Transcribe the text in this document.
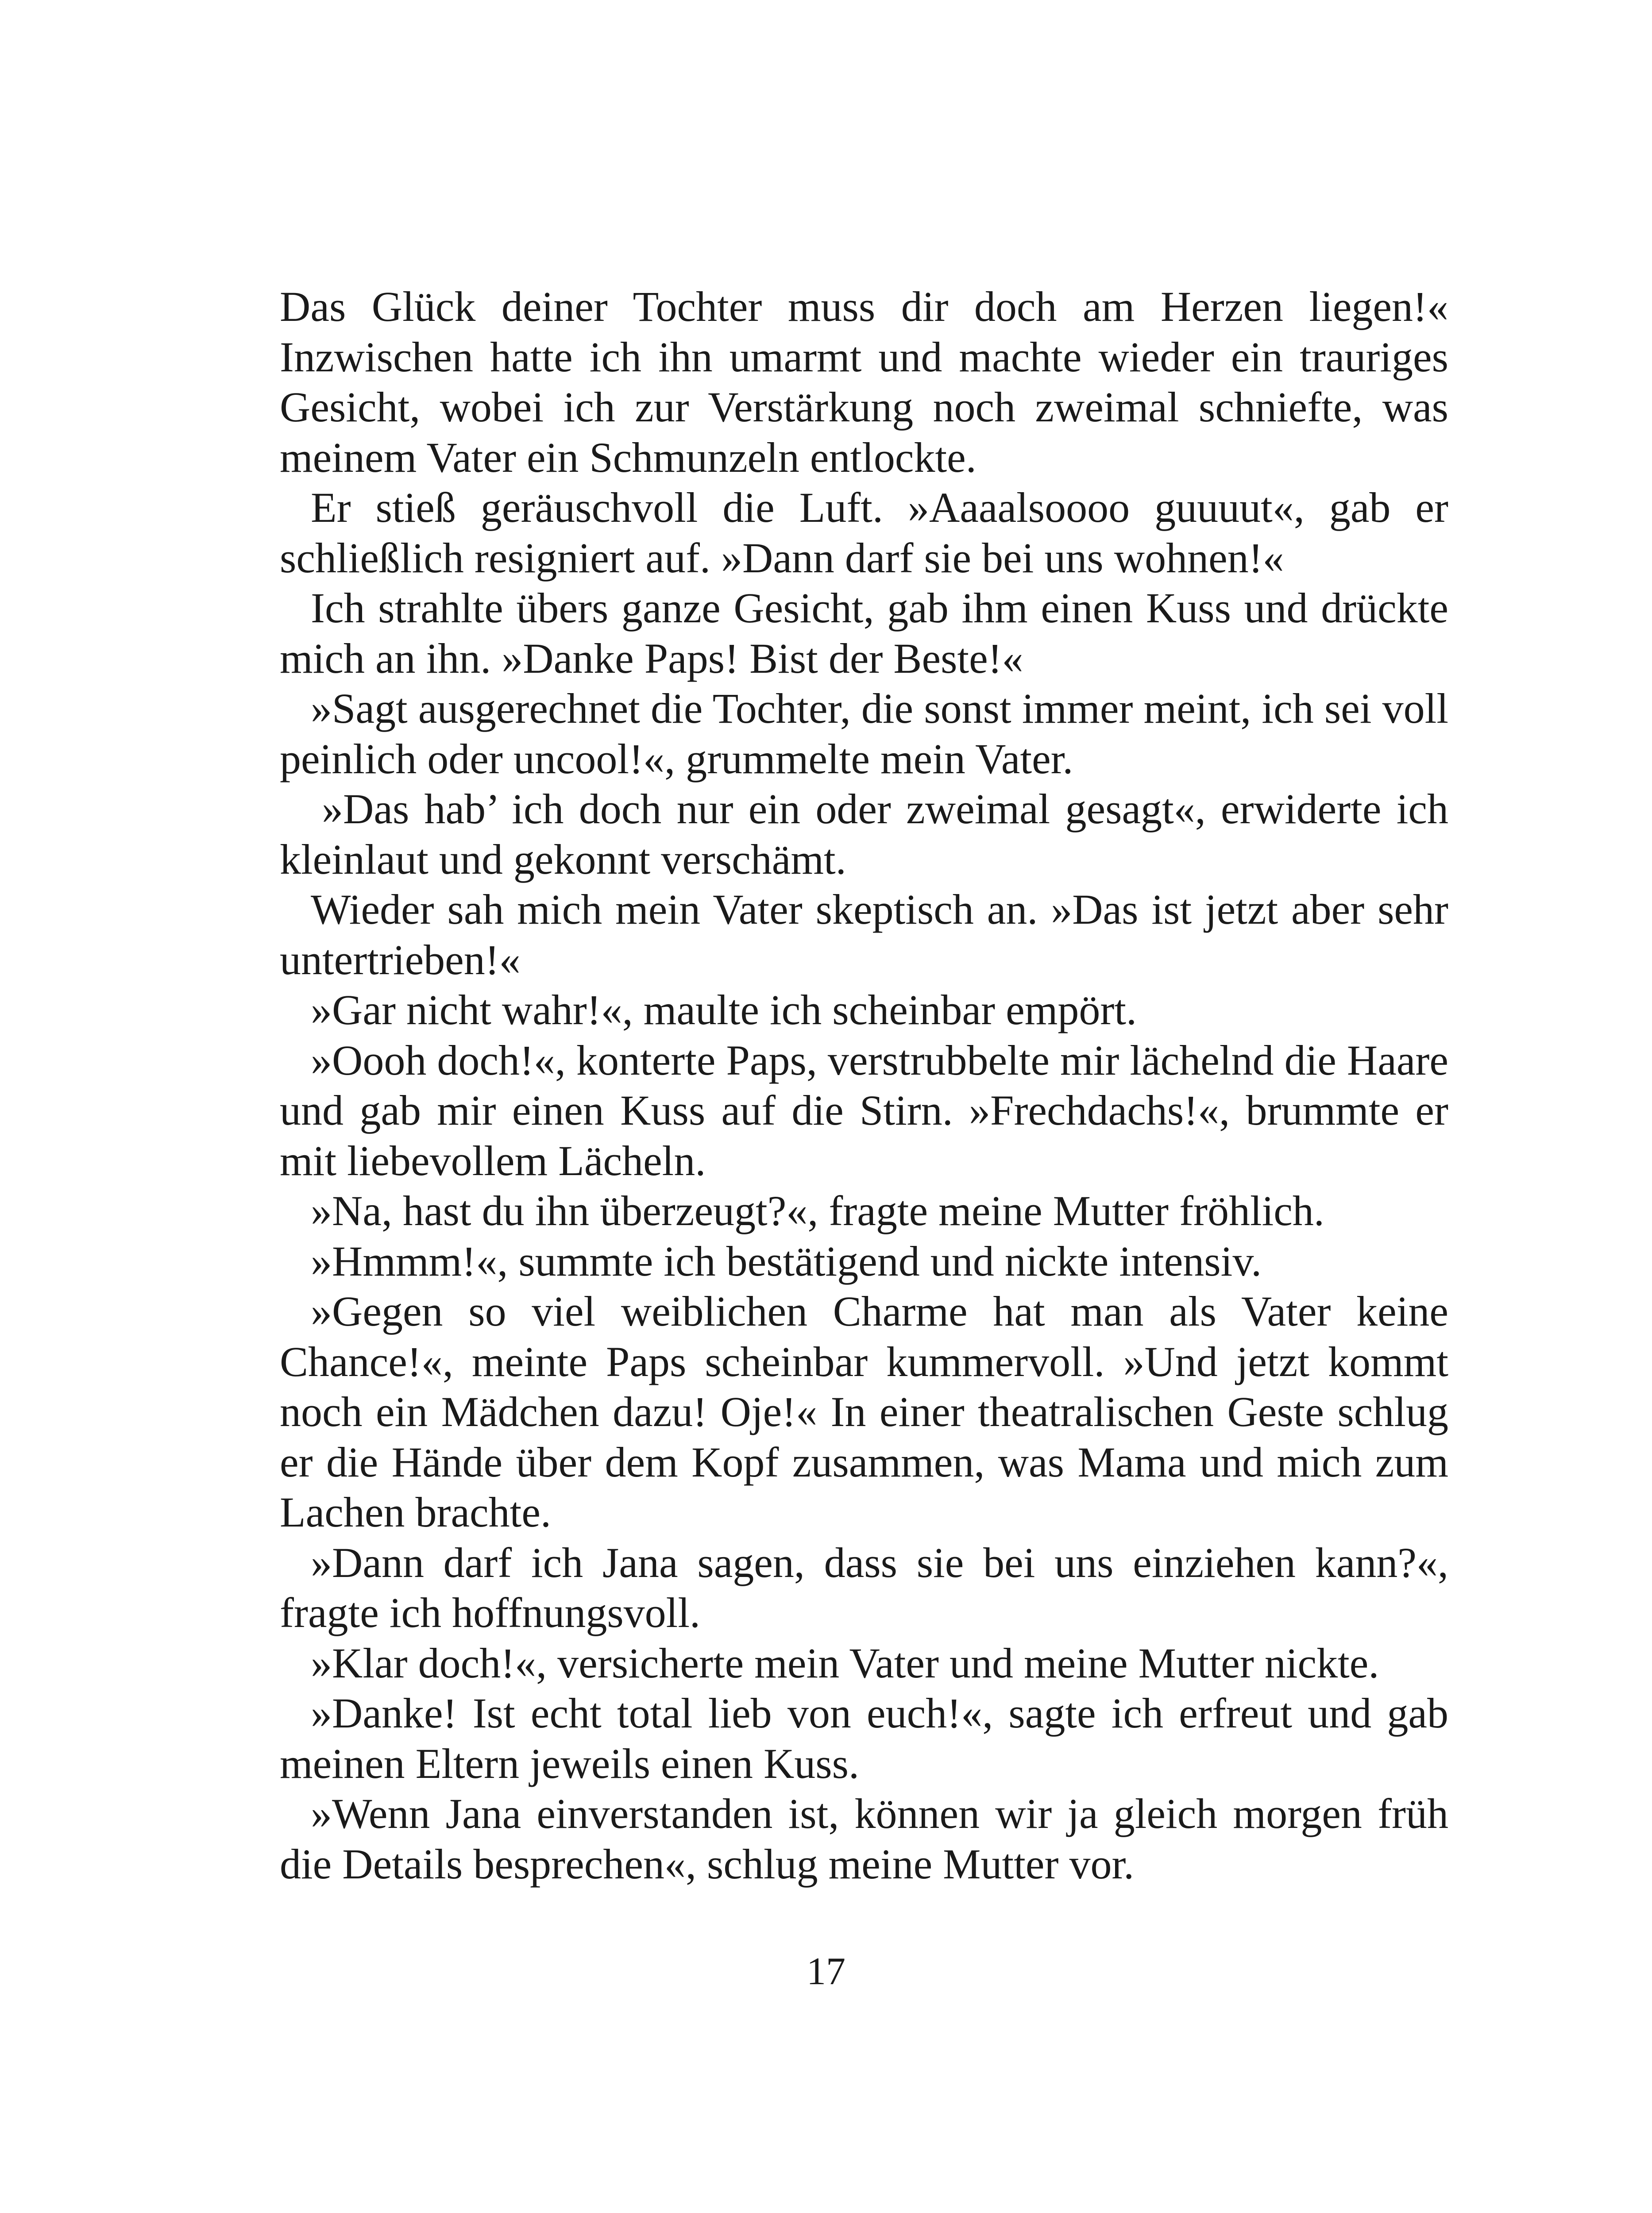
Das Glück deiner Tochter muss dir doch am Herzen liegen!« Inzwischen hatte ich ihn umarmt und machte wieder ein trauriges Gesicht, wobei ich zur Verstärkung noch zweimal schniefte, was meinem Vater ein Schmunzeln entlockte.

Er stieß geräuschvoll die Luft. »Aaaalsoooo guuuut«, gab er schließlich resigniert auf. »Dann darf sie bei uns wohnen!«

Ich strahlte übers ganze Gesicht, gab ihm einen Kuss und drückte mich an ihn. »Danke Paps! Bist der Beste!«

»Sagt ausgerechnet die Tochter, die sonst immer meint, ich sei voll peinlich oder uncool!«, grummelte mein Vater.

»Das hab’ ich doch nur ein oder zweimal gesagt«, erwiderte ich kleinlaut und gekonnt verschämt.

Wieder sah mich mein Vater skeptisch an. »Das ist jetzt aber sehr untertrieben!«

»Gar nicht wahr!«, maulte ich scheinbar empört.

»Oooh doch!«, konterte Paps, verstrubbelte mir lächelnd die Haare und gab mir einen Kuss auf die Stirn. »Frechdachs!«, brummte er mit liebevollem Lächeln.

»Na, hast du ihn überzeugt?«, fragte meine Mutter fröhlich.

»Hmmm!«, summte ich bestätigend und nickte intensiv.

»Gegen so viel weiblichen Charme hat man als Vater keine Chance!«, meinte Paps scheinbar kummervoll. »Und jetzt kommt noch ein Mädchen dazu! Oje!« In einer theatralischen Geste schlug er die Hände über dem Kopf zusammen, was Mama und mich zum Lachen brachte.

»Dann darf ich Jana sagen, dass sie bei uns einziehen kann?«, fragte ich hoffnungsvoll.

»Klar doch!«, versicherte mein Vater und meine Mutter nickte.

»Danke! Ist echt total lieb von euch!«, sagte ich erfreut und gab meinen Eltern jeweils einen Kuss.

»Wenn Jana einverstanden ist, können wir ja gleich morgen früh die Details besprechen«, schlug meine Mutter vor.

17
